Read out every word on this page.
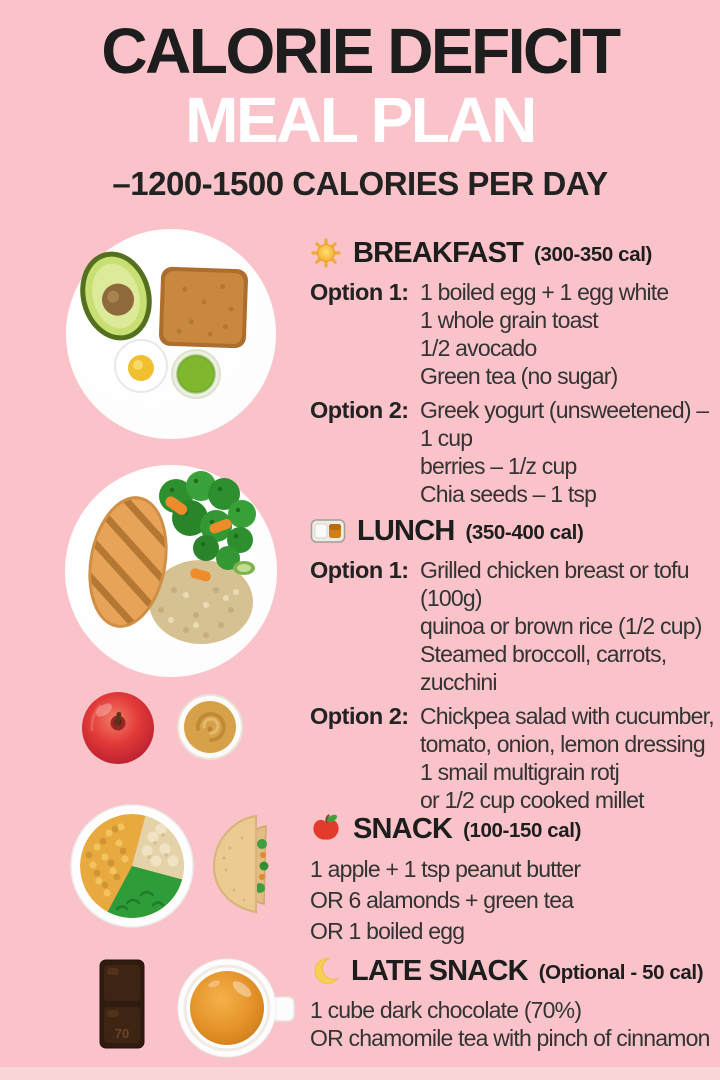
CALORIE DEFICIT
MEAL PLAN
–1200-1500 CALORIES PER DAY
70
BREAKFAST (300-350 cal)
Option 1: 1 boiled egg + 1 egg white
1 whole grain toast
1/2 avocado
Green tea (no sugar)
Option 2: Greek yogurt (unsweetened) –
1 cup
berries – 1/z cup
Chia seeds – 1 tsp
LUNCH (350-400 cal)
Option 1: Grilled chicken breast or tofu
(100g)
quinoa or brown rice (1/2 cup)
Steamed broccoll, carrots,
zucchini
Option 2: Chickpea salad with cucumber,
tomato, onion, lemon dressing
1 smail multigrain rotj
or 1/2 cup cooked millet
SNACK (100-150 cal)
1 apple + 1 tsp peanut butter
OR 6 alamonds + green tea
OR 1 boiled egg
LATE SNACK (Optional - 50 cal)
1 cube dark chocolate (70%)
OR chamomile tea with pinch of cinnamon
